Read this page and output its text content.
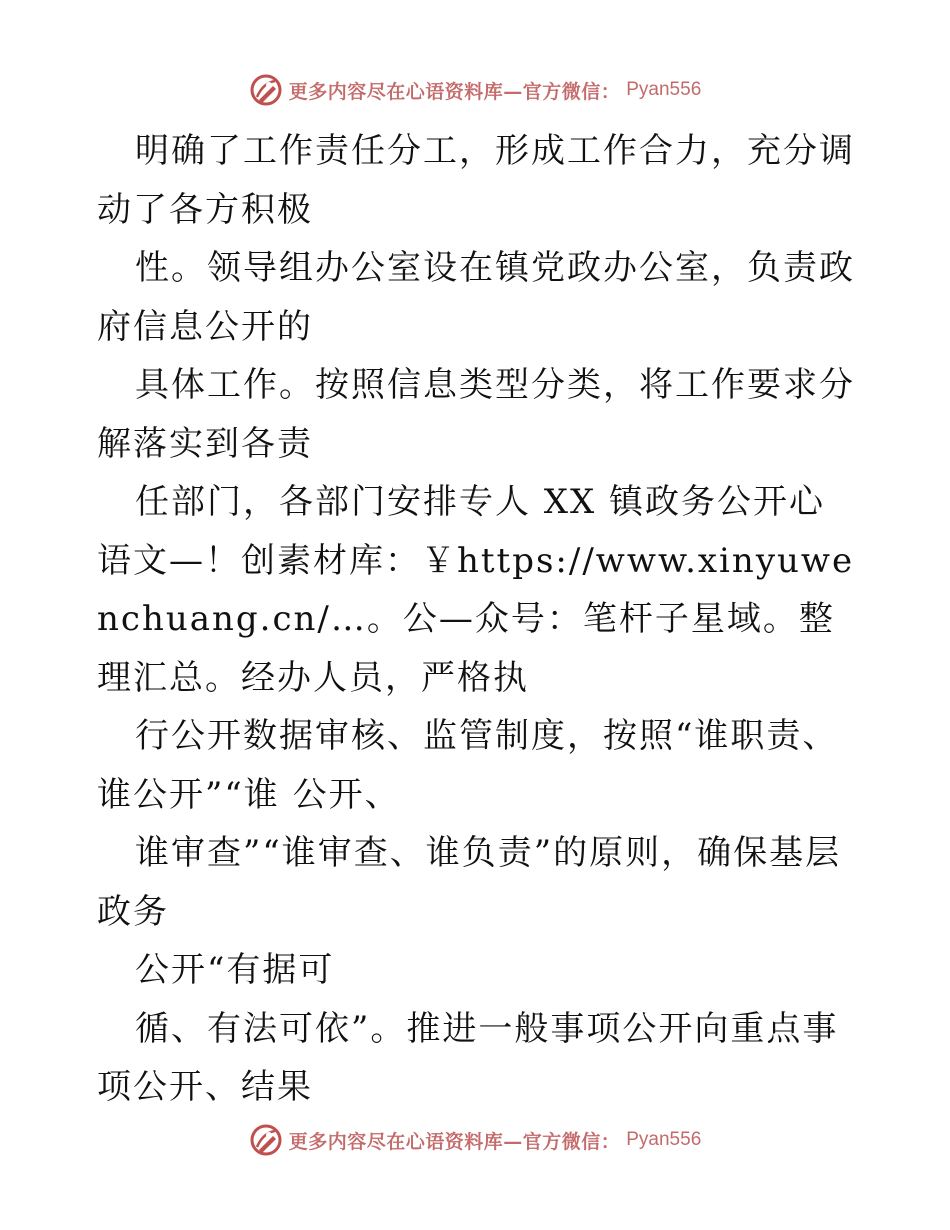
更多内容尽在心语资料库—官方微信： Pyan556

明确了工作责任分工，形成工作合力，充分调动了各方积极

性。领导组办公室设在镇党政办公室，负责政府信息公开的

具体工作。按照信息类型分类，将工作要求分解落实到各责

任部门，各部门安排专人 XX 镇政务公开心语文—！创素材库：￥https://www.xinyuwenchuang.cn/…。公—众号：笔杆子星域。整理汇总。经办人员，严格执

行公开数据审核、监管制度，按照“谁职责、谁公开”“谁 公开、

谁审查”“谁审查、谁负责”的原则，确保基层政务

公开“有据可

循、有法可依”。推进一般事项公开向重点事项公开、结果

更多内容尽在心语资料库—官方微信： Pyan556
